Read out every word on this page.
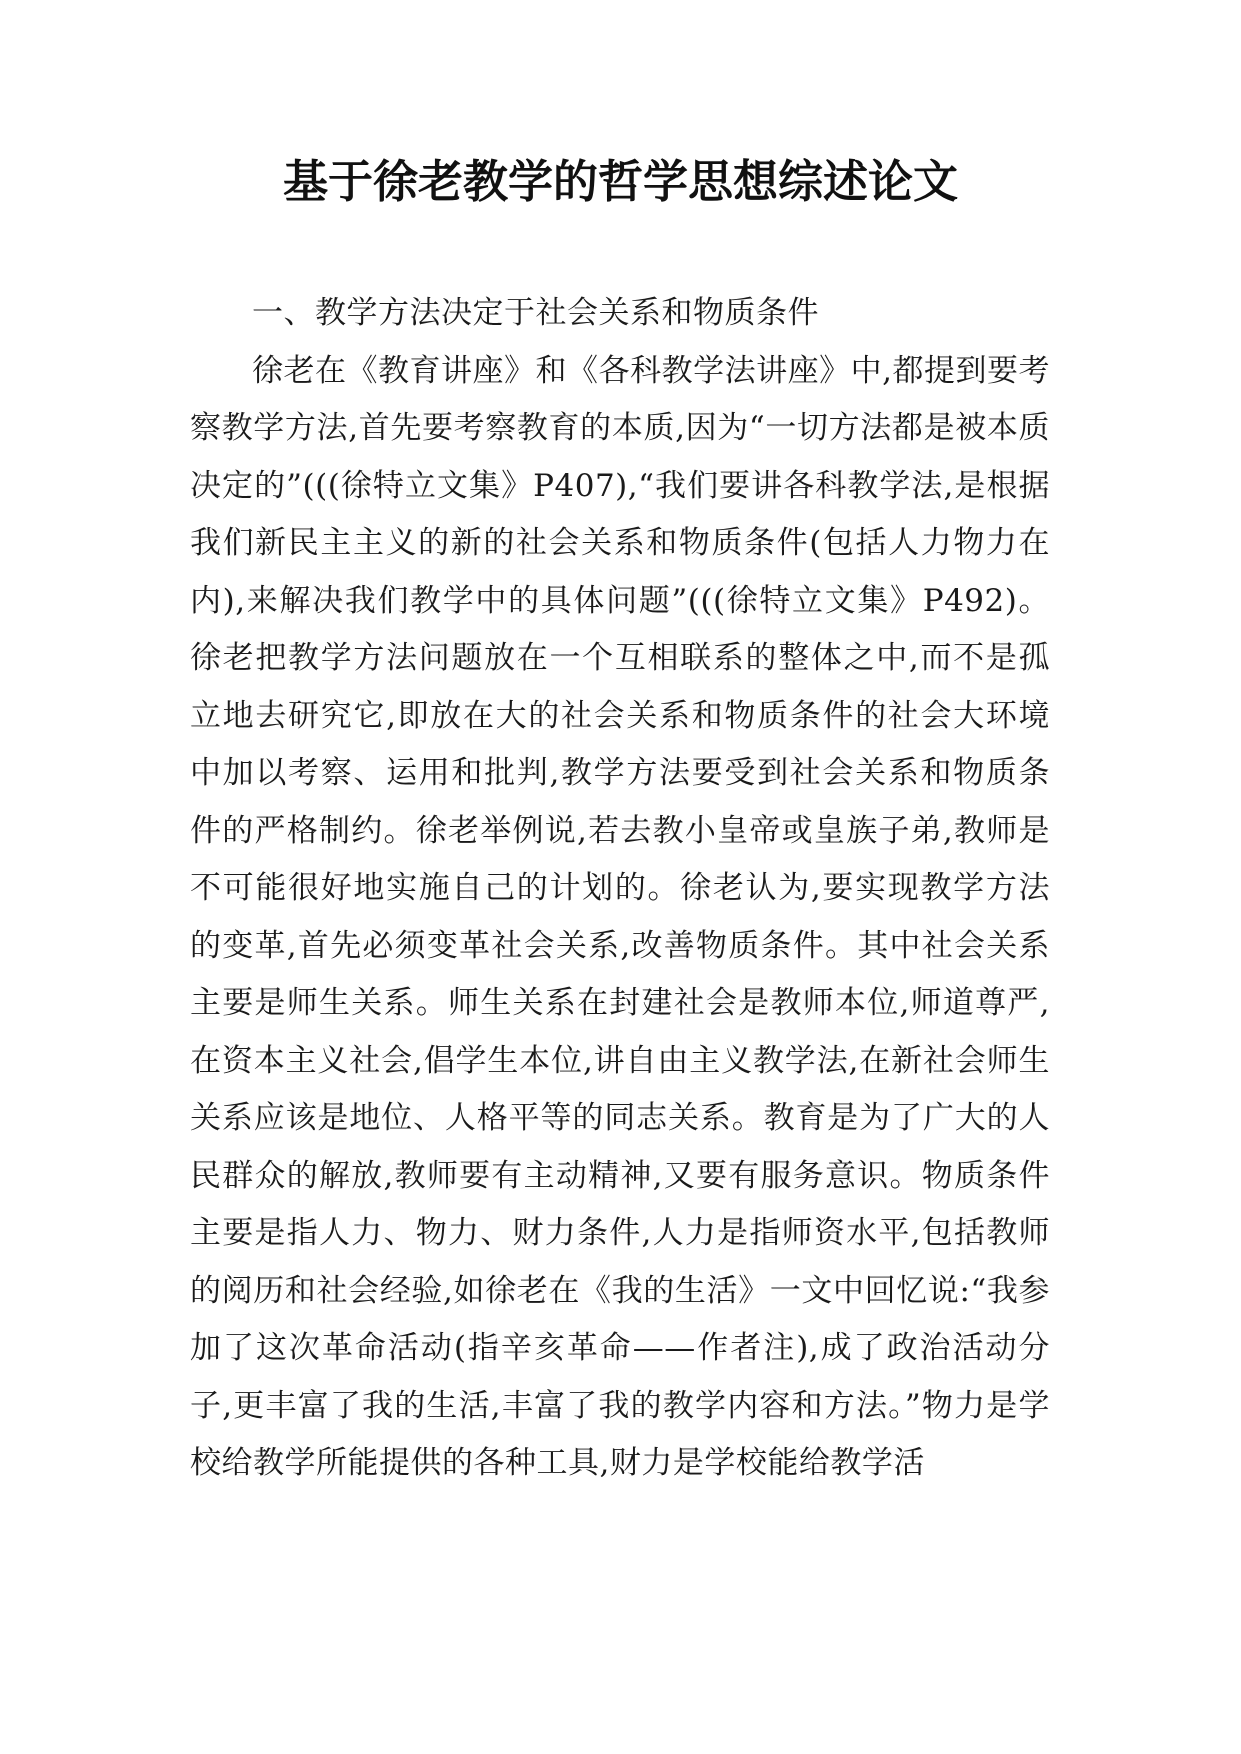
基于徐老教学的哲学思想综述论文

一、教学方法决定于社会关系和物质条件

徐老在《教育讲座》和《各科教学法讲座》中,都提到要考察教学方法,首先要考察教育的本质,因为“一切方法都是被本质决定的”(((徐特立文集》P407),“我们要讲各科教学法,是根据我们新民主主义的新的社会关系和物质条件(包括人力物力在内),来解决我们教学中的具体问题”(((徐特立文集》P492)。徐老把教学方法问题放在一个互相联系的整体之中,而不是孤立地去研究它,即放在大的社会关系和物质条件的社会大环境中加以考察、运用和批判,教学方法要受到社会关系和物质条件的严格制约。徐老举例说,若去教小皇帝或皇族子弟,教师是不可能很好地实施自己的计划的。徐老认为,要实现教学方法的变革,首先必须变革社会关系,改善物质条件。其中社会关系主要是师生关系。师生关系在封建社会是教师本位,师道尊严,在资本主义社会,倡学生本位,讲自由主义教学法,在新社会师生关系应该是地位、人格平等的同志关系。教育是为了广大的人民群众的解放,教师要有主动精神,又要有服务意识。物质条件主要是指人力、物力、财力条件,人力是指师资水平,包括教师的阅历和社会经验,如徐老在《我的生活》一文中回忆说:“我参加了这次革命活动(指辛亥革命——作者注),成了政治活动分子,更丰富了我的生活,丰富了我的教学内容和方法。”物力是学校给教学所能提供的各种工具,财力是学校能给教学活
